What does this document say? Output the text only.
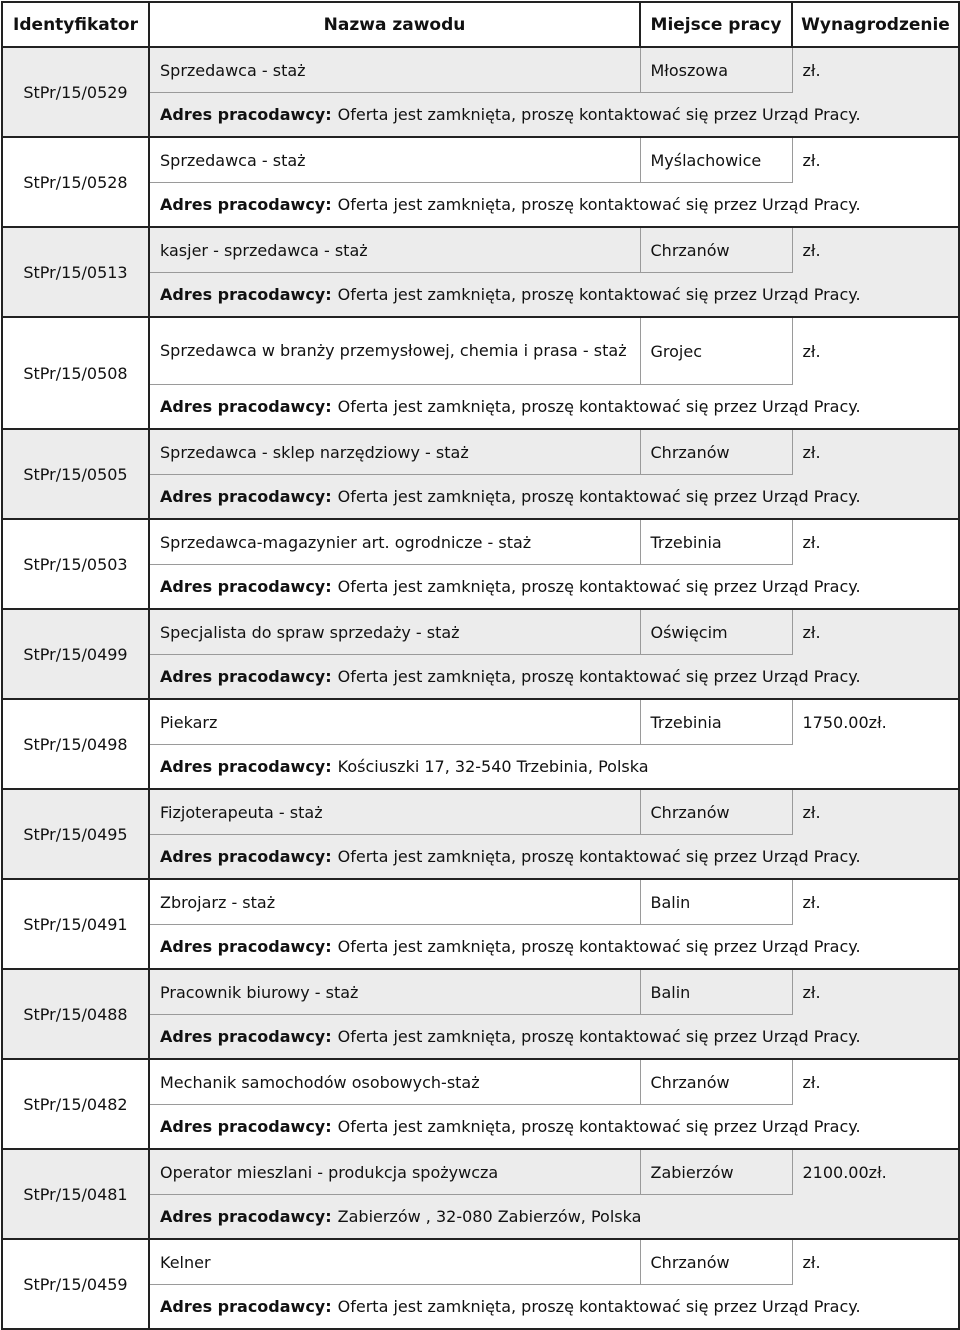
Identyfikator	Nazwa zawodu	Miejsce pracy	Wynagrodzenie
StPr/15/0529	Sprzedawca - staż	Młoszowa	zł.
	Adres pracodawcy: Oferta jest zamknięta, proszę kontaktować się przez Urząd Pracy.		
StPr/15/0528	Sprzedawca - staż	Myślachowice	zł.
	Adres pracodawcy: Oferta jest zamknięta, proszę kontaktować się przez Urząd Pracy.		
StPr/15/0513	kasjer - sprzedawca - staż	Chrzanów	zł.
	Adres pracodawcy: Oferta jest zamknięta, proszę kontaktować się przez Urząd Pracy.		
StPr/15/0508	Sprzedawca w branży przemysłowej, chemia i prasa - staż	Grojec	zł.
	Adres pracodawcy: Oferta jest zamknięta, proszę kontaktować się przez Urząd Pracy.		
StPr/15/0505	Sprzedawca - sklep narzędziowy - staż	Chrzanów	zł.
	Adres pracodawcy: Oferta jest zamknięta, proszę kontaktować się przez Urząd Pracy.		
StPr/15/0503	Sprzedawca-magazynier art. ogrodnicze - staż	Trzebinia	zł.
	Adres pracodawcy: Oferta jest zamknięta, proszę kontaktować się przez Urząd Pracy.		
StPr/15/0499	Specjalista do spraw sprzedaży - staż	Oświęcim	zł.
	Adres pracodawcy: Oferta jest zamknięta, proszę kontaktować się przez Urząd Pracy.		
StPr/15/0498	Piekarz	Trzebinia	1750.00zł.
	Adres pracodawcy: Kościuszki 17, 32-540 Trzebinia, Polska		
StPr/15/0495	Fizjoterapeuta - staż	Chrzanów	zł.
	Adres pracodawcy: Oferta jest zamknięta, proszę kontaktować się przez Urząd Pracy.		
StPr/15/0491	Zbrojarz - staż	Balin	zł.
	Adres pracodawcy: Oferta jest zamknięta, proszę kontaktować się przez Urząd Pracy.		
StPr/15/0488	Pracownik biurowy - staż	Balin	zł.
	Adres pracodawcy: Oferta jest zamknięta, proszę kontaktować się przez Urząd Pracy.		
StPr/15/0482	Mechanik samochodów osobowych-staż	Chrzanów	zł.
	Adres pracodawcy: Oferta jest zamknięta, proszę kontaktować się przez Urząd Pracy.		
StPr/15/0481	Operator mieszlani - produkcja spożywcza	Zabierzów	2100.00zł.
	Adres pracodawcy: Zabierzów , 32-080 Zabierzów, Polska		
StPr/15/0459	Kelner	Chrzanów	zł.
	Adres pracodawcy: Oferta jest zamknięta, proszę kontaktować się przez Urząd Pracy.		
